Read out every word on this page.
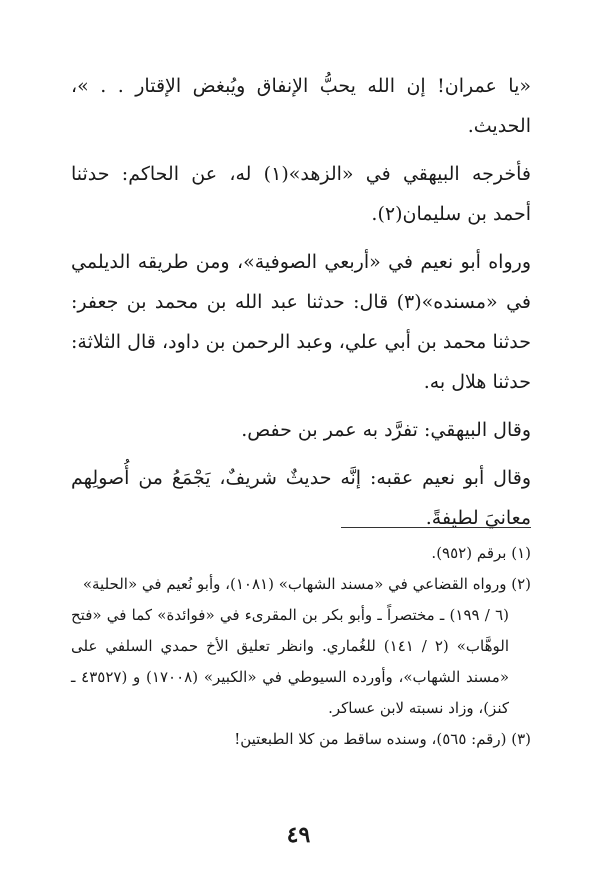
«يا عمران! إن الله يحبُّ الإنفاق ويُبغض الإقتار . . »، الحديث.

فأخرجه البيهقي في «الزهد»(١) له، عن الحاكم: حدثنا أحمد بن سليمان(٢).

ورواه أبو نعيم في «أربعي الصوفية»، ومن طريقه الديلمي في «مسنده»(٣) قال: حدثنا عبد الله بن محمد بن جعفر: حدثنا محمد بن أبي علي، وعبد الرحمن بن داود، قال الثلاثة: حدثنا هلال به.

وقال البيهقي: تفرَّد به عمر بن حفص.

وقال أبو نعيم عقبه: إنَّه حديثٌ شريفٌ، يَجْمَعُ من أُصولِهم معانيَ لطيفةً.

(١) برقم (٩٥٢).

(٢) ورواه القضاعي في «مسند الشهاب» (١٠٨١)، وأبو نُعيم في «الحلية»

(٦ / ١٩٩) ـ مختصراً ـ وأبو بكر بن المقرىء في «فوائدة» كما في «فتح الوهَّاب» (٢ / ١٤١) للغُماري. وانظر تعليق الأخ حمدي السلفي على «مسند الشهاب»، وأورده السيوطي في «الكبير» (١٧٠٠٨) و (٤٣٥٢٧ ـ كنز)، وزاد نسبته لابن عساكر.

(٣) (رقم: ٥٦٥)، وسنده ساقط من كلا الطبعتين!

٤٩
